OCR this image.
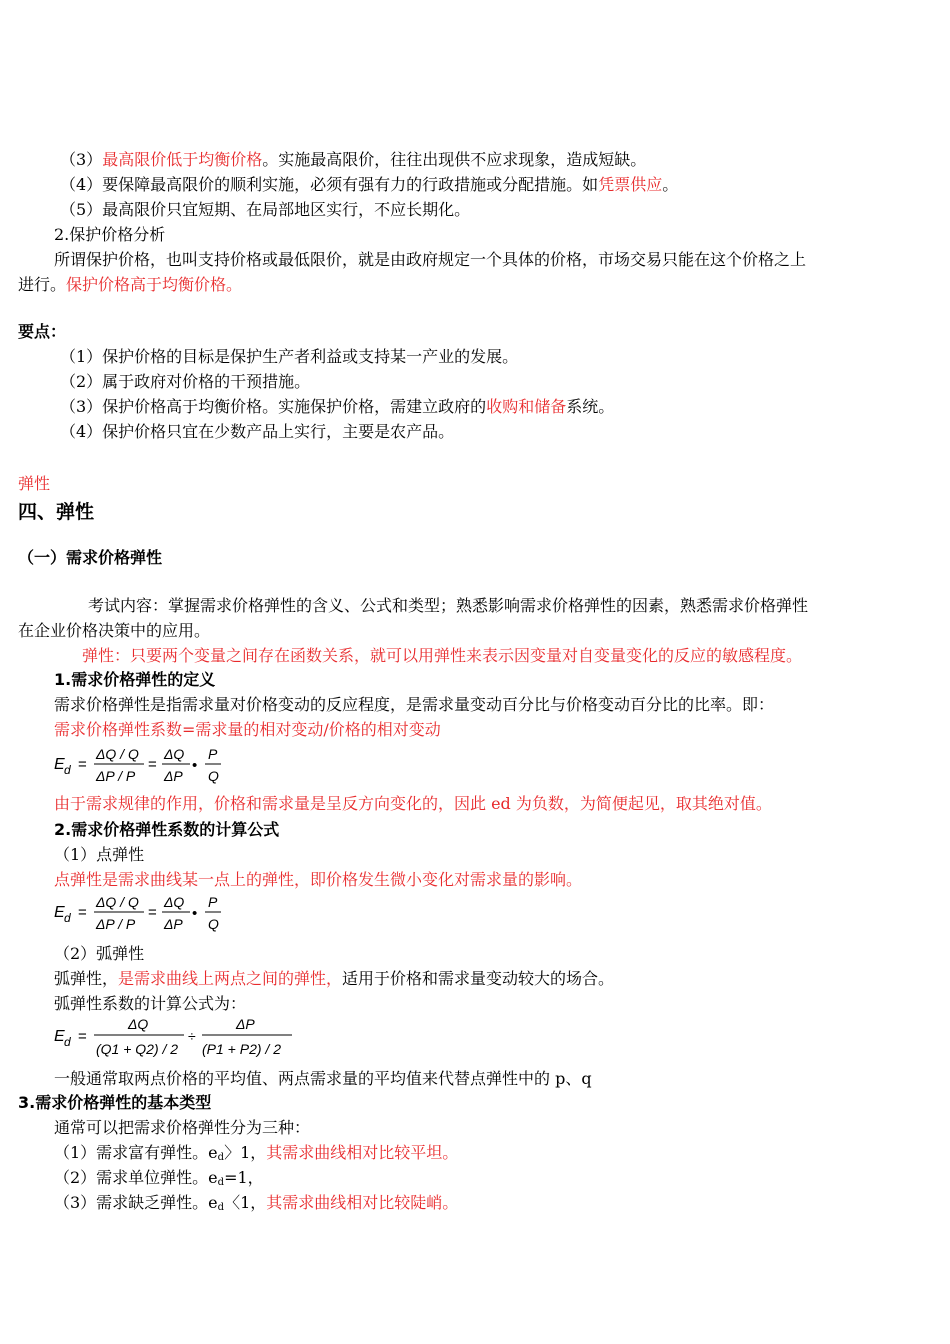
（3）最高限价低于均衡价格。实施最高限价，往往出现供不应求现象，造成短缺。
（4）要保障最高限价的顺利实施，必须有强有力的行政措施或分配措施。如凭票供应。
（5）最高限价只宜短期、在局部地区实行，不应长期化。
2.保护价格分析
所谓保护价格，也叫支持价格或最低限价，就是由政府规定一个具体的价格，市场交易只能在这个价格之上
进行。保护价格高于均衡价格。
要点：
（1）保护价格的目标是保护生产者利益或支持某一产业的发展。
（2）属于政府对价格的干预措施。
（3）保护价格高于均衡价格。实施保护价格，需建立政府的收购和储备系统。
（4）保护价格只宜在少数产品上实行，主要是农产品。
弹性
四、弹性
（一）需求价格弹性
考试内容：掌握需求价格弹性的含义、公式和类型；熟悉影响需求价格弹性的因素，熟悉需求价格弹性
在企业价格决策中的应用。
弹性：只要两个变量之间存在函数关系，就可以用弹性来表示因变量对自变量变化的反应的敏感程度。
1.需求价格弹性的定义
需求价格弹性是指需求量对价格变动的反应程度，是需求量变动百分比与价格变动百分比的比率。即：
需求价格弹性系数=需求量的相对变动/价格的相对变动
E d =
ΔQ / Q
ΔP / P
=
ΔQ
ΔP
•
P
Q
由于需求规律的作用，价格和需求量是呈反方向变化的，因此 ed 为负数，为简便起见，取其绝对值。
2.需求价格弹性系数的计算公式
（1）点弹性
点弹性是需求曲线某一点上的弹性，即价格发生微小变化对需求量的影响。
E d =
ΔQ / Q
ΔP / P
=
ΔQ
ΔP
•
P
Q
（2）弧弹性
弧弹性，是需求曲线上两点之间的弹性，适用于价格和需求量变动较大的场合。
弧弹性系数的计算公式为：
E d =
ΔQ
(Q1 + Q2) / 2
÷
ΔP
(P1 + P2) / 2
一般通常取两点价格的平均值、两点需求量的平均值来代替点弹性中的 p、q
3.需求价格弹性的基本类型
通常可以把需求价格弹性分为三种：
（1）需求富有弹性。$e_d$〉1，其需求曲线相对比较平坦。
（2）需求单位弹性。$e_d=1$，
（3）需求缺乏弹性。$e_d$〈1，其需求曲线相对比较陡峭。
